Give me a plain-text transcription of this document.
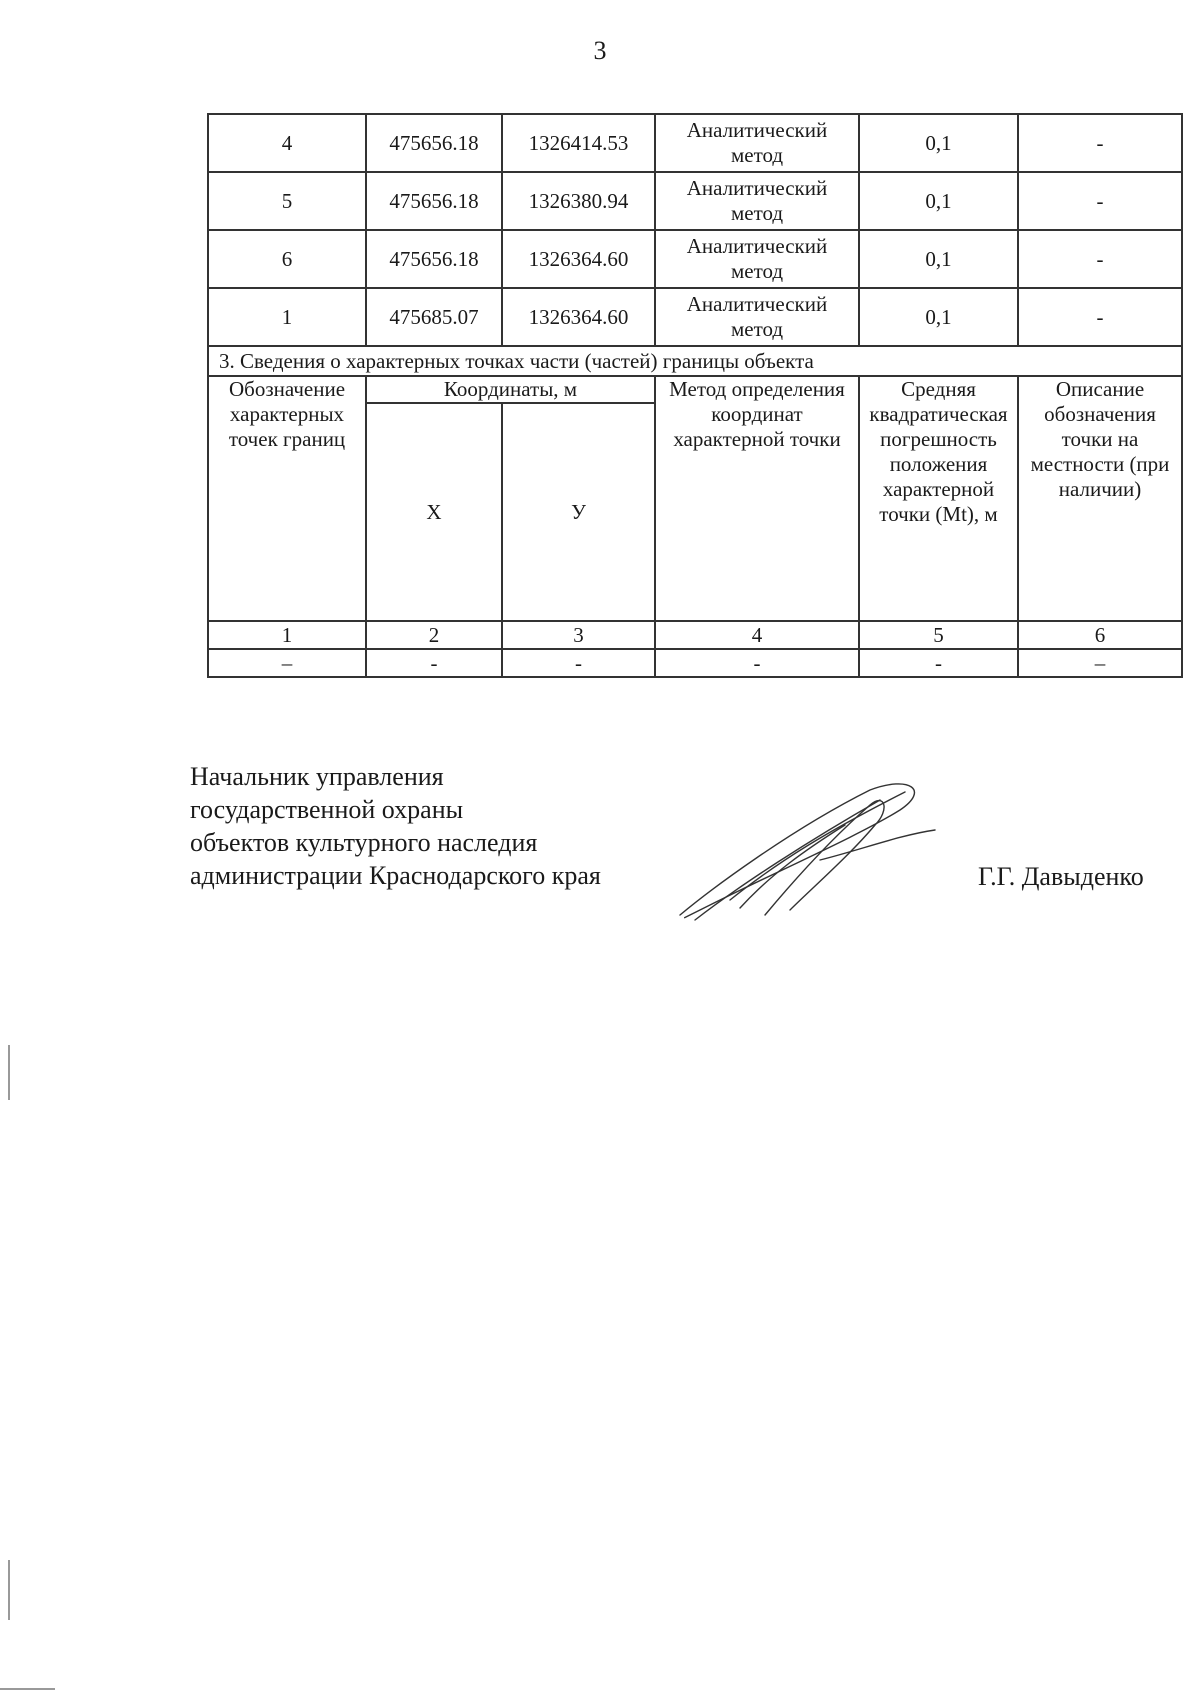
3
4	475656.18	1326414.53	Аналитический метод	0,1	-
5	475656.18	1326380.94	Аналитический метод	0,1	-
6	475656.18	1326364.60	Аналитический метод	0,1	-
1	475685.07	1326364.60	Аналитический метод	0,1	-
3. Сведения о характерных точках части (частей) границы объекта					
Обозначение характерных точек границ	Координаты, м		Метод определения координат характерной точки	Средняя квадратическая погрешность положения характерной точки (Mt), м	Описание обозначения точки на местности (при наличии)
	Х	У			
1	2	3	4	5	6
–	-	-	-	-	–
Начальник управления
государственной охраны
объектов культурного наследия
администрации Краснодарского края	Г.Г. Давыденко
